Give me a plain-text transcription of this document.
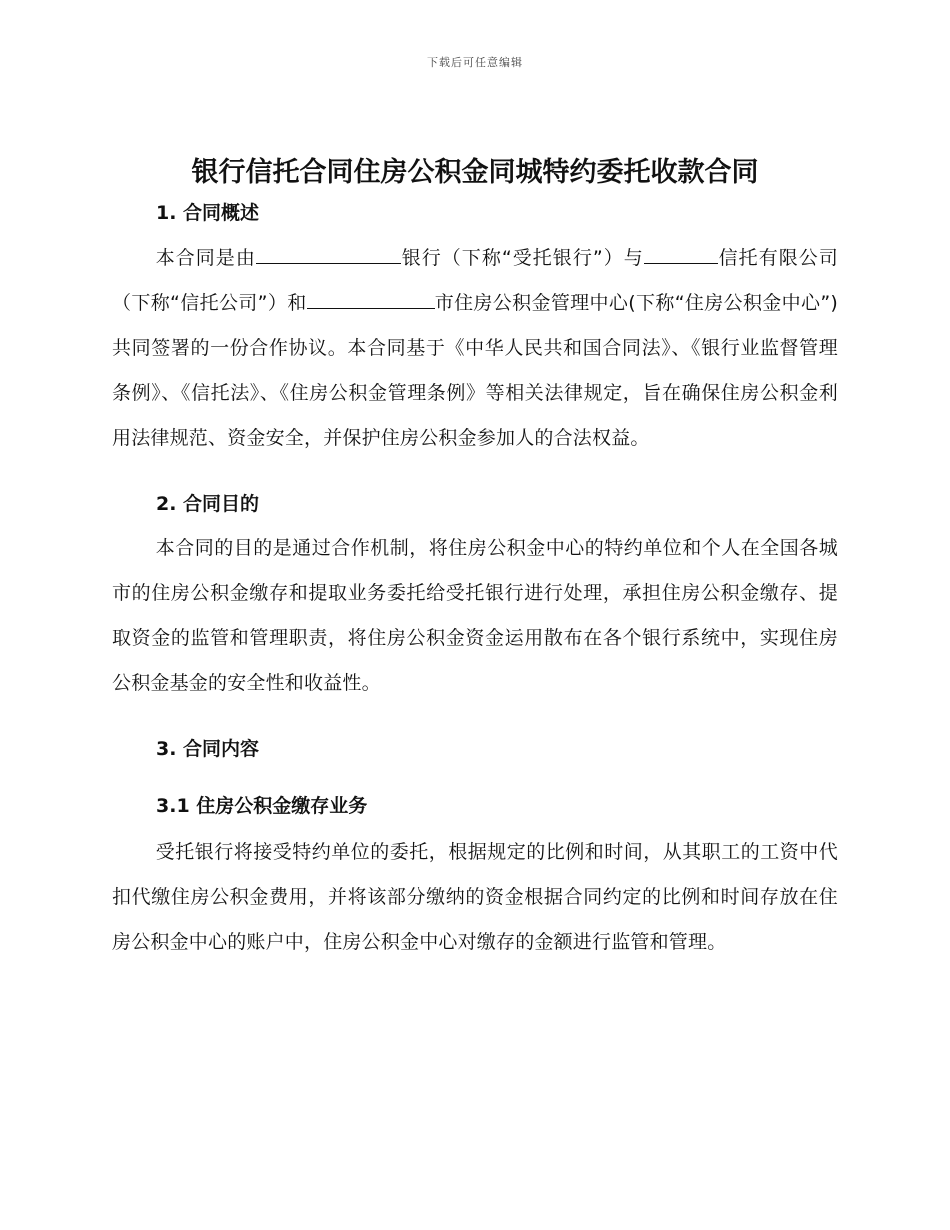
下载后可任意编辑
银行信托合同住房公积金同城特约委托收款合同
1. 合同概述

本合同是由	银行（下称“受托银行”）与	信托有限公司（下称“信托公司”）和	市住房公积金管理中心(下称“住房公积金中心”)共同签署的一份合作协议。本合同基于《中华人民共和国合同法》、《银行业监督管理条例》、《信托法》、《住房公积金管理条例》等相关法律规定，旨在确保住房公积金利用法律规范、资金安全，并保护住房公积金参加人的合法权益。

2. 合同目的

本合同的目的是通过合作机制，将住房公积金中心的特约单位和个人在全国各城市的住房公积金缴存和提取业务委托给受托银行进行处理，承担住房公积金缴存、提取资金的监管和管理职责，将住房公积金资金运用散布在各个银行系统中，实现住房公积金基金的安全性和收益性。

3. 合同内容
3.1 住房公积金缴存业务

受托银行将接受特约单位的委托，根据规定的比例和时间，从其职工的工资中代扣代缴住房公积金费用，并将该部分缴纳的资金根据合同约定的比例和时间存放在住房公积金中心的账户中，住房公积金中心对缴存的金额进行监管和管理。
